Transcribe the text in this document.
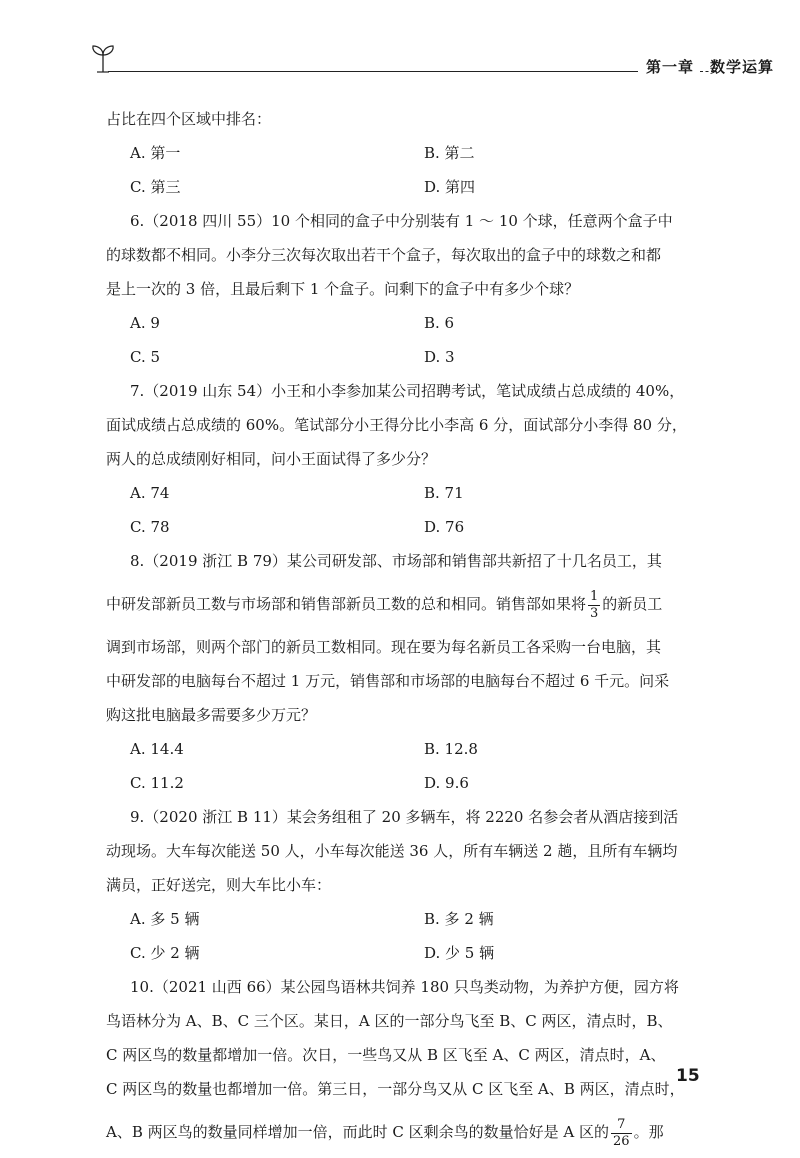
第一章　数学运算

占比在四个区域中排名：

A. 第一	B. 第二
C. 第三	D. 第四

6.（2018 四川 55）10 个相同的盒子中分别装有 1 ～ 10 个球，任意两个盒子中

的球数都不相同。小李分三次每次取出若干个盒子，每次取出的盒子中的球数之和都

是上一次的 3 倍，且最后剩下 1 个盒子。问剩下的盒子中有多少个球？

A. 9	B. 6
C. 5	D. 3

7.（2019 山东 54）小王和小李参加某公司招聘考试，笔试成绩占总成绩的 40%，

面试成绩占总成绩的 60%。笔试部分小王得分比小李高 6 分，面试部分小李得 80 分，

两人的总成绩刚好相同，问小王面试得了多少分？

A. 74	B. 71
C. 78	D. 76

8.（2019 浙江 B 79）某公司研发部、市场部和销售部共新招了十几名员工，其

中研发部新员工数与市场部和销售部新员工数的总和相同。销售部如果将 $\frac{1}{3}$ 的新员工

调到市场部，则两个部门的新员工数相同。现在要为每名新员工各采购一台电脑，其

中研发部的电脑每台不超过 1 万元，销售部和市场部的电脑每台不超过 6 千元。问采

购这批电脑最多需要多少万元？

A. 14.4	B. 12.8
C. 11.2	D. 9.6

9.（2020 浙江 B 11）某会务组租了 20 多辆车，将 2220 名参会者从酒店接到活

动现场。大车每次能送 50 人，小车每次能送 36 人，所有车辆送 2 趟，且所有车辆均

满员，正好送完，则大车比小车：

A. 多 5 辆	B. 多 2 辆
C. 少 2 辆	D. 少 5 辆

10.（2021 山西 66）某公园鸟语林共饲养 180 只鸟类动物，为养护方便，园方将

鸟语林分为 A、B、C 三个区。某日，A 区的一部分鸟飞至 B、C 两区，清点时，B、

C 两区鸟的数量都增加一倍。次日，一些鸟又从 B 区飞至 A、C 两区，清点时，A、

C 两区鸟的数量也都增加一倍。第三日，一部分鸟又从 C 区飞至 A、B 两区，清点时，

A、B 两区鸟的数量同样增加一倍，而此时 C 区剩余鸟的数量恰好是 A 区的 $\frac{7}{26}$ 。那

15
